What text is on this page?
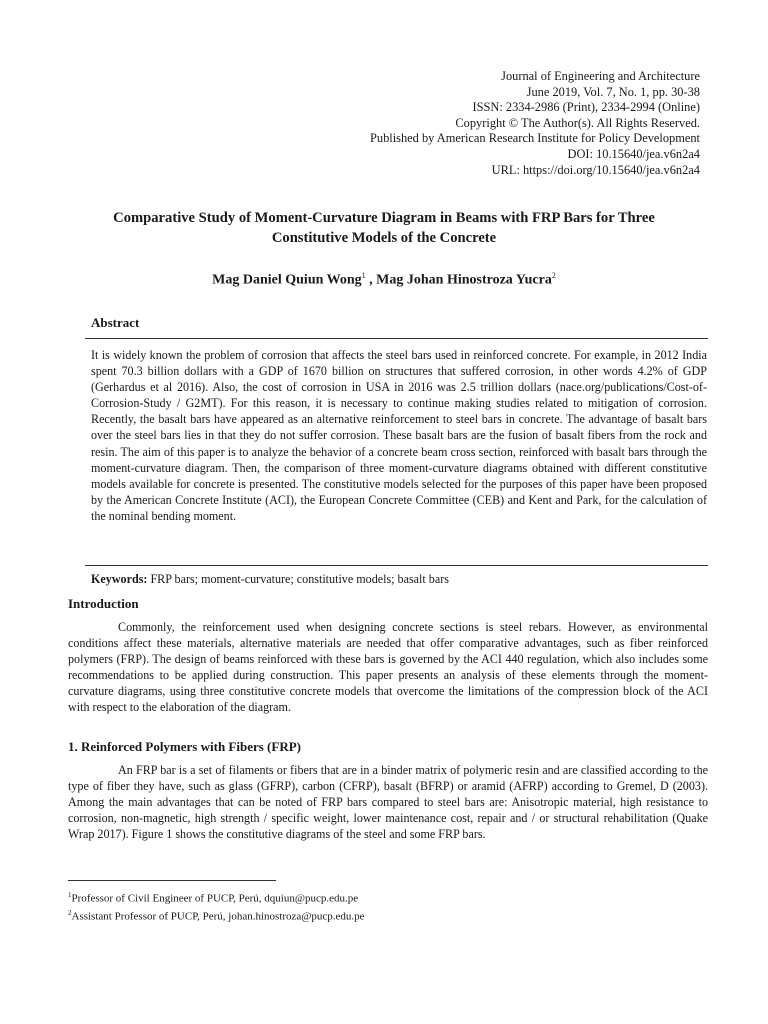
Journal of Engineering and Architecture
June 2019, Vol. 7, No. 1, pp. 30-38
ISSN: 2334-2986 (Print), 2334-2994 (Online)
Copyright © The Author(s). All Rights Reserved.
Published by American Research Institute for Policy Development
DOI: 10.15640/jea.v6n2a4
URL: https://doi.org/10.15640/jea.v6n2a4
Comparative Study of Moment-Curvature Diagram in Beams with FRP Bars for Three
Constitutive Models of the Concrete
Mag Daniel Quiun Wong$^1$ , Mag Johan Hinostroza Yucra$^2$
Abstract
It is widely known the problem of corrosion that affects the steel bars used in reinforced concrete. For example, in 2012 India spent 70.3 billion dollars with a GDP of 1670 billion on structures that suffered corrosion, in other words 4.2% of GDP (Gerhardus et al 2016). Also, the cost of corrosion in USA in 2016 was 2.5 trillion dollars (nace.org/publications/Cost-of-Corrosion-Study / G2MT). For this reason, it is necessary to continue making studies related to mitigation of corrosion. Recently, the basalt bars have appeared as an alternative reinforcement to steel bars in concrete. The advantage of basalt bars over the steel bars lies in that they do not suffer corrosion. These basalt bars are the fusion of basalt fibers from the rock and resin. The aim of this paper is to analyze the behavior of a concrete beam cross section, reinforced with basalt bars through the moment-curvature diagram. Then, the comparison of three moment-curvature diagrams obtained with different constitutive models available for concrete is presented. The constitutive models selected for the purposes of this paper have been proposed by the American Concrete Institute (ACI), the European Concrete Committee (CEB) and Kent and Park, for the calculation of the nominal bending moment.
Keywords: FRP bars; moment-curvature; constitutive models; basalt bars
Introduction
Commonly, the reinforcement used when designing concrete sections is steel rebars. However, as environmental conditions affect these materials, alternative materials are needed that offer comparative advantages, such as fiber reinforced polymers (FRP). The design of beams reinforced with these bars is governed by the ACI 440 regulation, which also includes some recommendations to be applied during construction. This paper presents an analysis of these elements through the moment-curvature diagrams, using three constitutive concrete models that overcome the limitations of the compression block of the ACI with respect to the elaboration of the diagram.
1. Reinforced Polymers with Fibers (FRP)
An FRP bar is a set of filaments or fibers that are in a binder matrix of polymeric resin and are classified according to the type of fiber they have, such as glass (GFRP), carbon (CFRP), basalt (BFRP) or aramid (AFRP) according to Gremel, D (2003). Among the main advantages that can be noted of FRP bars compared to steel bars are: Anisotropic material, high resistance to corrosion, non-magnetic, high strength / specific weight, lower maintenance cost, repair and / or structural rehabilitation (Quake Wrap 2017). Figure 1 shows the constitutive diagrams of the steel and some FRP bars.
$^1$Professor of Civil Engineer of PUCP, Perú, dquiun@pucp.edu.pe
$^2$Assistant Professor of PUCP, Perú, johan.hinostroza@pucp.edu.pe
